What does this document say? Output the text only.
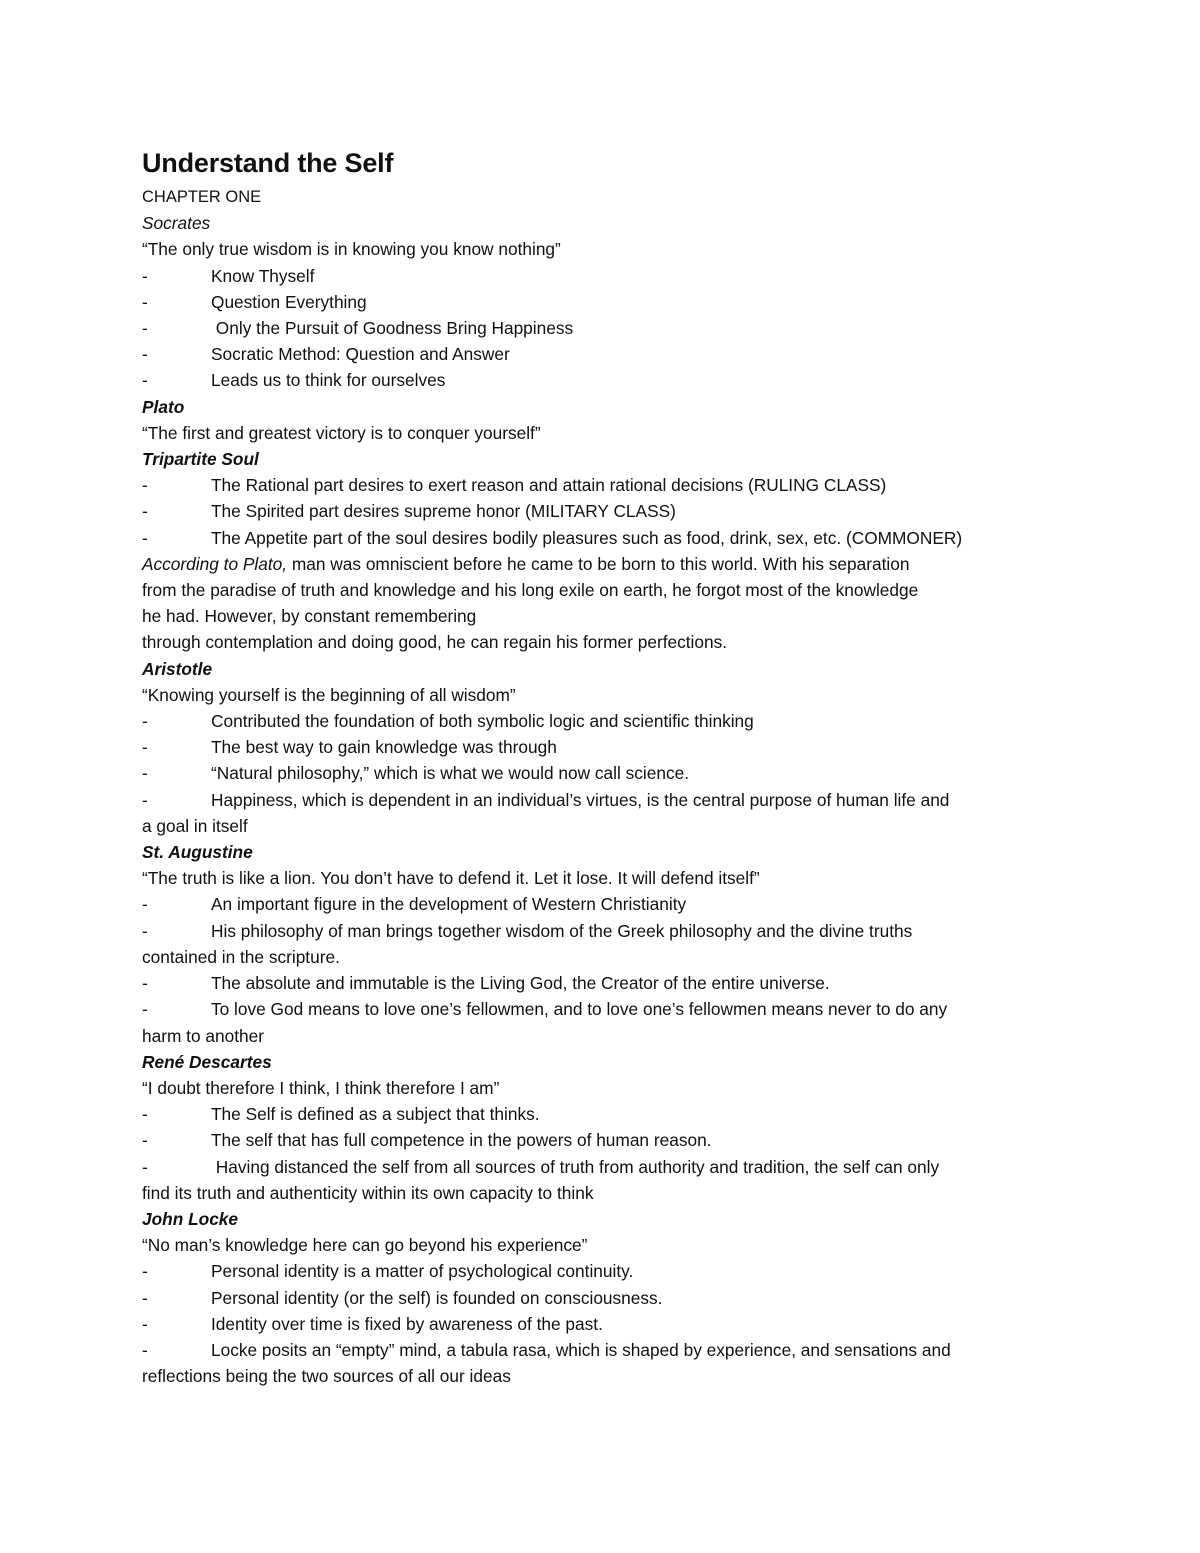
Understand the Self
CHAPTER ONE
Socrates
“The only true wisdom is in knowing you know nothing”
-	Know Thyself
-	Question Everything
-	Only the Pursuit of Goodness Bring Happiness
-	Socratic Method: Question and Answer
-	Leads us to think for ourselves
Plato
“The first and greatest victory is to conquer yourself”
Tripartite Soul
-	The Rational part desires to exert reason and attain rational decisions (RULING CLASS)
-	The Spirited part desires supreme honor (MILITARY CLASS)
-	The Appetite part of the soul desires bodily pleasures such as food, drink, sex, etc. (COMMONER)
According to Plato, man was omniscient before he came to be born to this world. With his separation
from the paradise of truth and knowledge and his long exile on earth, he forgot most of the knowledge
he had. However, by constant remembering
through contemplation and doing good, he can regain his former perfections.
Aristotle
“Knowing yourself is the beginning of all wisdom”
-	Contributed the foundation of both symbolic logic and scientific thinking
-	The best way to gain knowledge was through
-	“Natural philosophy,” which is what we would now call science.
-	Happiness, which is dependent in an individual’s virtues, is the central purpose of human life and
a goal in itself
St. Augustine
“The truth is like a lion. You don’t have to defend it. Let it lose. It will defend itself”
-	An important figure in the development of Western Christianity
-	His philosophy of man brings together wisdom of the Greek philosophy and the divine truths
contained in the scripture.
-	The absolute and immutable is the Living God, the Creator of the entire universe.
-	To love God means to love one’s fellowmen, and to love one’s fellowmen means never to do any
harm to another
René Descartes
“I doubt therefore I think, I think therefore I am”
-	The Self is defined as a subject that thinks.
-	The self that has full competence in the powers of human reason.
-	Having distanced the self from all sources of truth from authority and tradition, the self can only
find its truth and authenticity within its own capacity to think
John Locke
“No man’s knowledge here can go beyond his experience”
-	Personal identity is a matter of psychological continuity.
-	Personal identity (or the self) is founded on consciousness.
-	Identity over time is fixed by awareness of the past.
-	Locke posits an “empty” mind, a tabula rasa, which is shaped by experience, and sensations and
reflections being the two sources of all our ideas
